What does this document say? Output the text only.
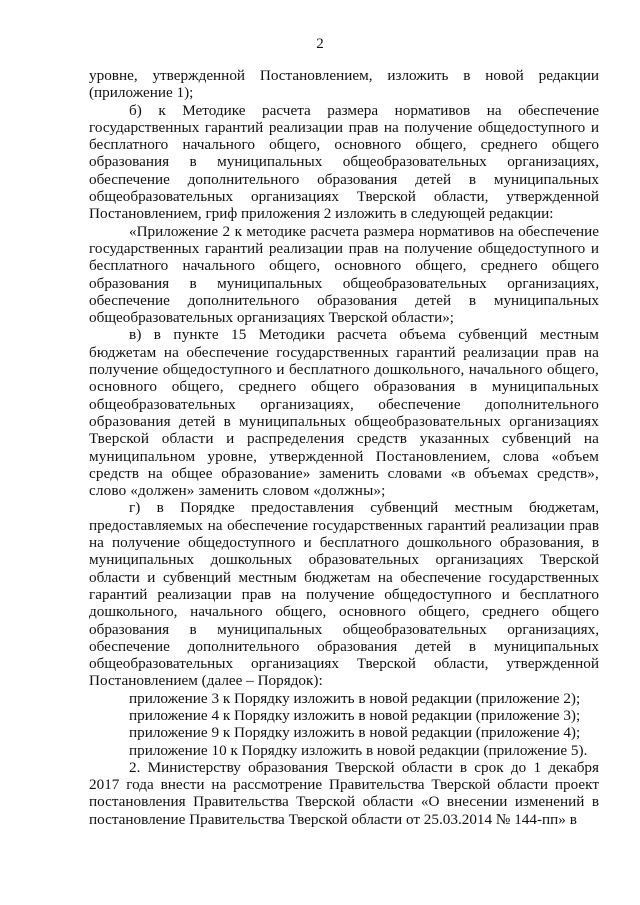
2

уровне, утвержденной Постановлением, изложить в новой редакции (приложение 1);

б) к Методике расчета размера нормативов на обеспечение государственных гарантий реализации прав на получение общедоступного и бесплатного начального общего, основного общего, среднего общего образования в муниципальных общеобразовательных организациях, обеспечение дополнительного образования детей в муниципальных общеобразовательных организациях Тверской области, утвержденной Постановлением, гриф приложения 2 изложить в следующей редакции:

«Приложение 2 к методике расчета размера нормативов на обеспечение государственных гарантий реализации прав на получение общедоступного и бесплатного начального общего, основного общего, среднего общего образования в муниципальных общеобразовательных организациях, обеспечение дополнительного образования детей в муниципальных общеобразовательных организациях Тверской области»;

в) в пункте 15 Методики расчета объема субвенций местным бюджетам на обеспечение государственных гарантий реализации прав на получение общедоступного и бесплатного дошкольного, начального общего, основного общего, среднего общего образования в муниципальных общеобразовательных организациях, обеспечение дополнительного образования детей в муниципальных общеобразовательных организациях Тверской области и распределения средств указанных субвенций на муниципальном уровне, утвержденной Постановлением, слова «объем средств на общее образование» заменить словами «в объемах средств», слово «должен» заменить словом «должны»;

г) в Порядке предоставления субвенций местным бюджетам, предоставляемых на обеспечение государственных гарантий реализации прав на получение общедоступного и бесплатного дошкольного образования, в муниципальных дошкольных образовательных организациях Тверской области и субвенций местным бюджетам на обеспечение государственных гарантий реализации прав на получение общедоступного и бесплатного дошкольного, начального общего, основного общего, среднего общего образования в муниципальных общеобразовательных организациях, обеспечение дополнительного образования детей в муниципальных общеобразовательных организациях Тверской области, утвержденной Постановлением (далее – Порядок):

приложение 3 к Порядку изложить в новой редакции (приложение 2);

приложение 4 к Порядку изложить в новой редакции (приложение 3);

приложение 9 к Порядку изложить в новой редакции (приложение 4);

приложение 10 к Порядку изложить в новой редакции (приложение 5).

2. Министерству образования Тверской области в срок до 1 декабря 2017 года внести на рассмотрение Правительства Тверской области проект постановления Правительства Тверской области «О внесении изменений в постановление Правительства Тверской области от 25.03.2014 № 144-пп» в
